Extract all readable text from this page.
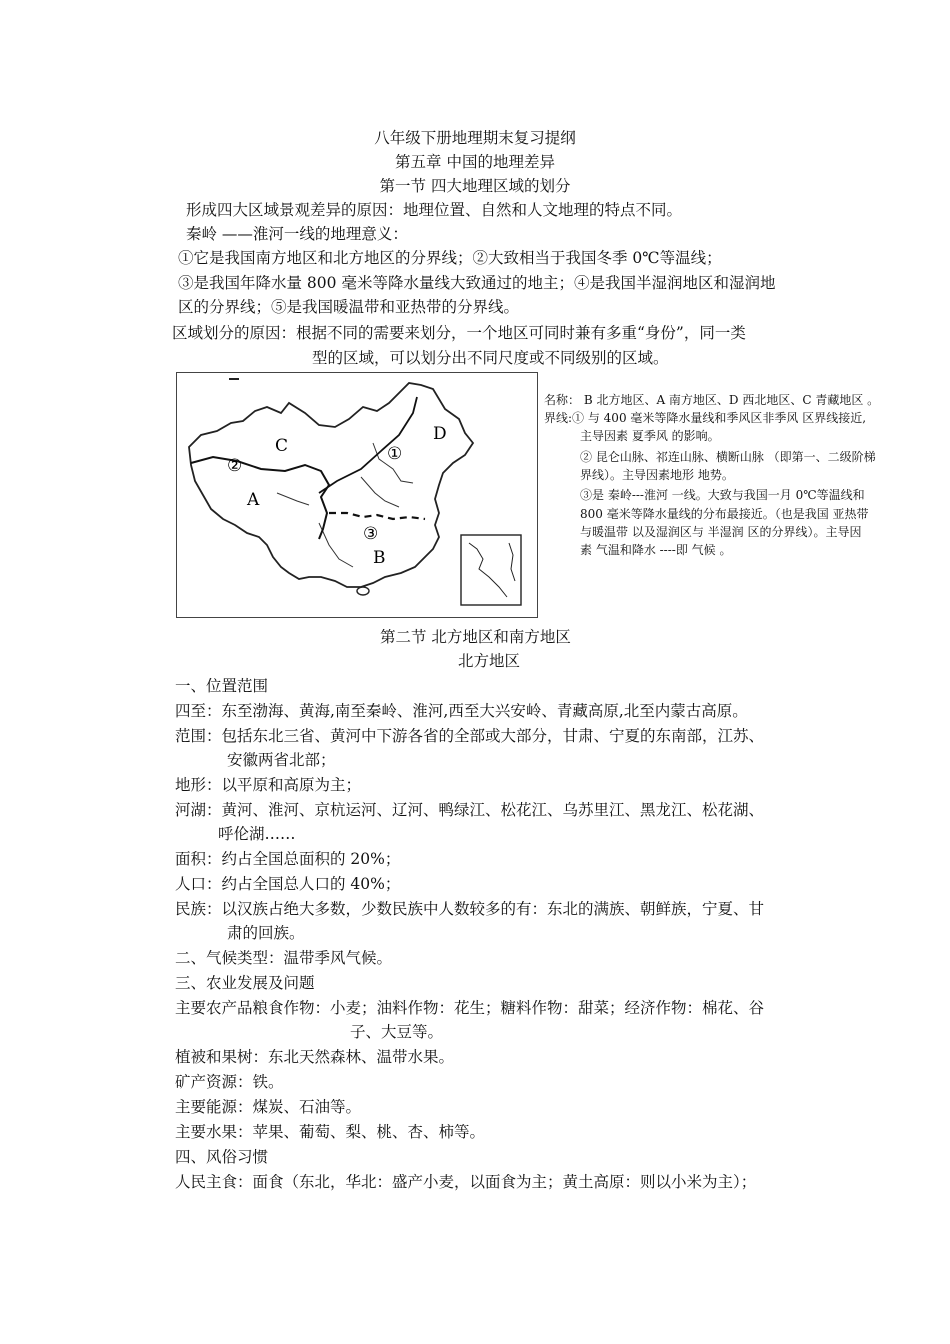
八年级下册地理期末复习提纲
第五章 中国的地理差异
第一节 四大地理区域的划分
形成四大区域景观差异的原因：地理位置、自然和人文地理的特点不同。
秦岭 ——淮河一线的地理意义：
①它是我国南方地区和北方地区的分界线；②大致相当于我国冬季 0℃等温线；
③是我国年降水量 800 毫米等降水量线大致通过的地主；④是我国半湿润地区和湿润地
区的分界线；⑤是我国暖温带和亚热带的分界线。
区域划分的原因：根据不同的需要来划分，一个地区可同时兼有多重“身份”，同一类
型的区域，可以划分出不同尺度或不同级别的区域。
C
D
A
B
②
①
③
名称： B 北方地区、A 南方地区、D 西北地区、C 青藏地区 。
界线:① 与 400 毫米等降水量线和季风区非季风 区界线接近,
主导因素 夏季风 的影响。
② 昆仑山脉、祁连山脉、横断山脉 （即第一、二级阶梯
界线）。主导因素地形 地势。
③是 秦岭---淮河 一线。大致与我国一月 0℃等温线和
800 毫米等降水量线的分布最接近。（也是我国 亚热带
与暖温带 以及湿润区与 半湿润 区的分界线）。主导因
素 气温和降水 ----即 气候 。
第二节 北方地区和南方地区
北方地区
一、位置范围
四至：东至渤海、黄海,南至秦岭、淮河,西至大兴安岭、青藏高原,北至内蒙古高原。
范围：包括东北三省、黄河中下游各省的全部或大部分，甘肃、宁夏的东南部，江苏、
安徽两省北部；
地形：以平原和高原为主；
河湖：黄河、淮河、京杭运河、辽河、鸭绿江、松花江、乌苏里江、黑龙江、松花湖、
呼伦湖……
面积：约占全国总面积的 20%；
人口：约占全国总人口的 40%；
民族：以汉族占绝大多数，少数民族中人数较多的有：东北的满族、朝鲜族，宁夏、甘
肃的回族。
二、气候类型：温带季风气候。
三、农业发展及问题
主要农产品粮食作物：小麦；油料作物：花生；糖料作物：甜菜；经济作物：棉花、谷
子、大豆等。
植被和果树：东北天然森林、温带水果。
矿产资源：铁。
主要能源：煤炭、石油等。
主要水果：苹果、葡萄、梨、桃、杏、柿等。
四、风俗习惯
人民主食：面食（东北，华北：盛产小麦，以面食为主；黄土高原：则以小米为主）；
